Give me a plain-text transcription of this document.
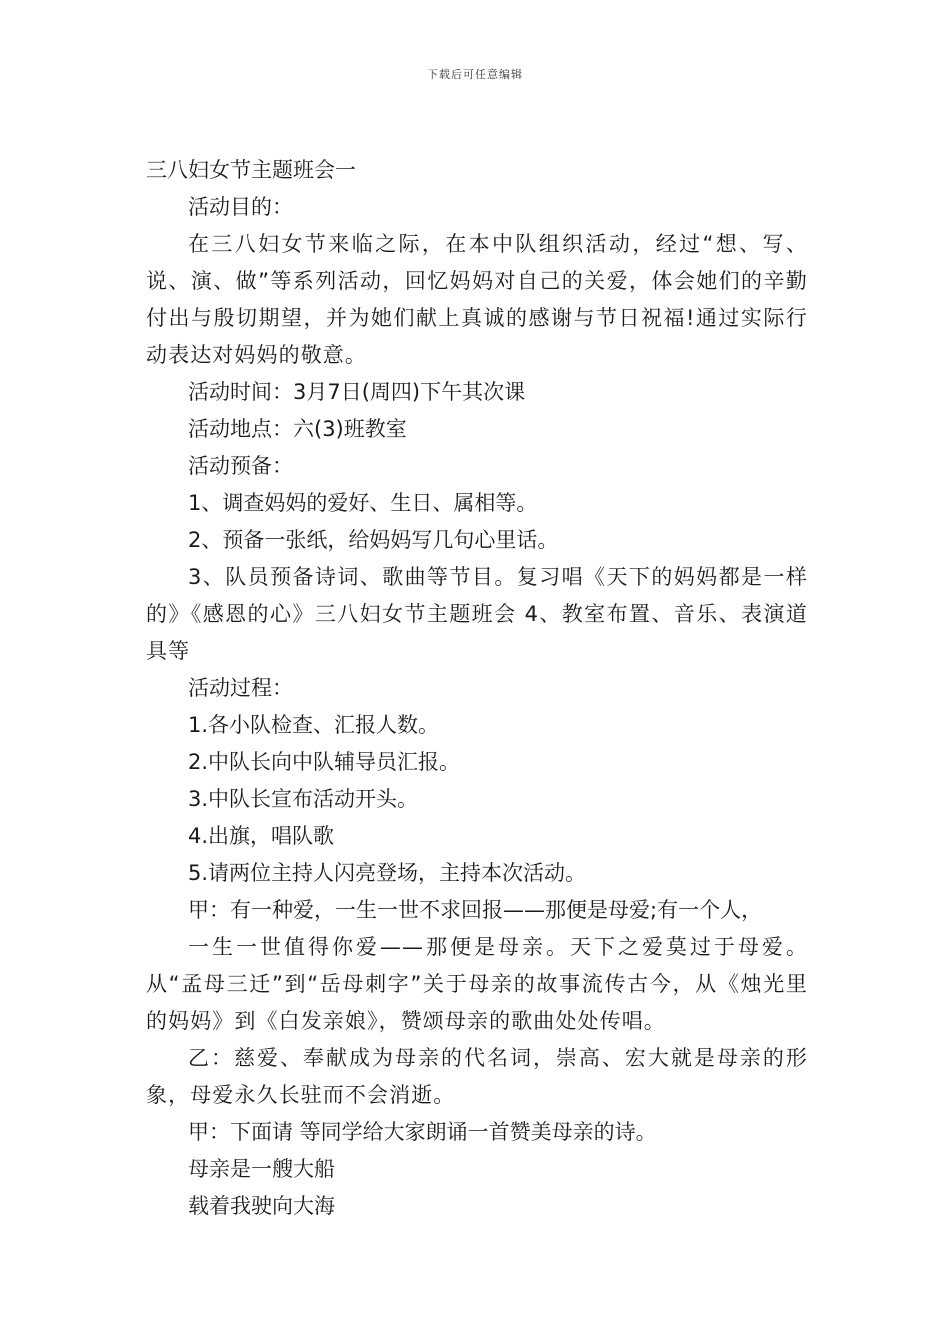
下载后可任意编辑

三八妇女节主题班会一

活动目的：

在三八妇女节来临之际，在本中队组织活动，经过“想、写、说、演、做”等系列活动，回忆妈妈对自己的关爱，体会她们的辛勤付出与殷切期望，并为她们献上真诚的感谢与节日祝福!通过实际行动表达对妈妈的敬意。

活动时间：3月7日(周四)下午其次课

活动地点：六(3)班教室

活动预备：

1、调查妈妈的爱好、生日、属相等。

2、预备一张纸，给妈妈写几句心里话。

3、队员预备诗词、歌曲等节目。复习唱《天下的妈妈都是一样的》《感恩的心》三八妇女节主题班会 4、教室布置、音乐、表演道具等

活动过程：

1.各小队检查、汇报人数。

2.中队长向中队辅导员汇报。

3.中队长宣布活动开头。

4.出旗，唱队歌

5.请两位主持人闪亮登场，主持本次活动。

甲：有一种爱，一生一世不求回报——那便是母爱;有一个人，

一生一世值得你爱——那便是母亲。天下之爱莫过于母爱。从“孟母三迁”到“岳母刺字”关于母亲的故事流传古今，从《烛光里的妈妈》到《白发亲娘》，赞颂母亲的歌曲处处传唱。

乙：慈爱、奉献成为母亲的代名词，崇高、宏大就是母亲的形象，母爱永久长驻而不会消逝。

甲：下面请 等同学给大家朗诵一首赞美母亲的诗。

母亲是一艘大船

载着我驶向大海
